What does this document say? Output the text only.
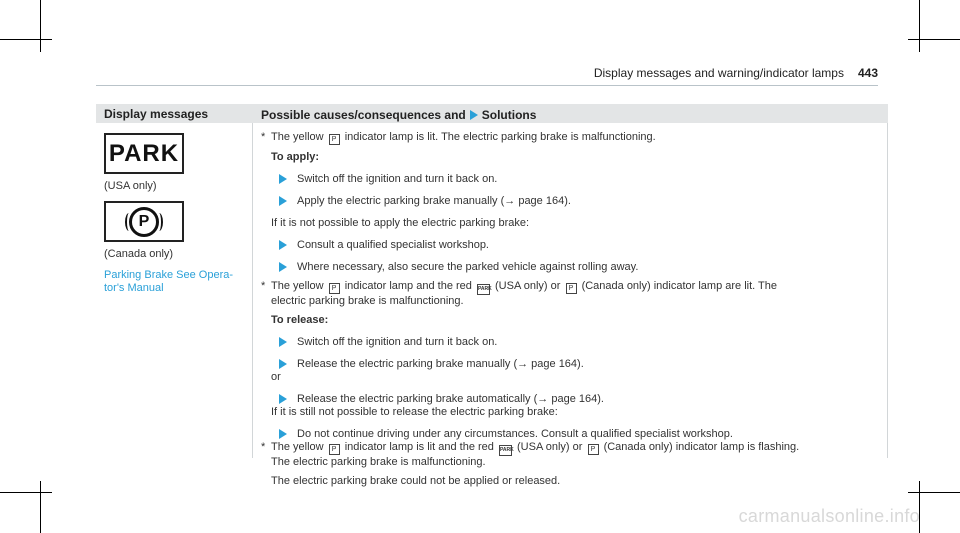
Display messages and warning/indicator lamps 443
Display messages	Possible causes/consequences and Solutions
PARK
(USA only)
P
(Canada only)
Parking Brake See Opera-
tor's Manual
* The yellow P indicator lamp is lit. The electric parking brake is malfunctioning.
To apply:
Switch off the ignition and turn it back on.
Apply the electric parking brake manually (→ page 164).
If it is not possible to apply the electric parking brake:
Consult a qualified specialist workshop.
Where necessary, also secure the parked vehicle against rolling away.
* The yellow P indicator lamp and the red PARK (USA only) or P (Canada only) indicator lamp are lit. The
electric parking brake is malfunctioning.
To release:
Switch off the ignition and turn it back on.
Release the electric parking brake manually (→ page 164).
or
Release the electric parking brake automatically (→ page 164).
If it is still not possible to release the electric parking brake:
Do not continue driving under any circumstances. Consult a qualified specialist workshop.
* The yellow P indicator lamp is lit and the red PARK (USA only) or P (Canada only) indicator lamp is flashing.
The electric parking brake is malfunctioning.
The electric parking brake could not be applied or released.
carmanualsonline.info
